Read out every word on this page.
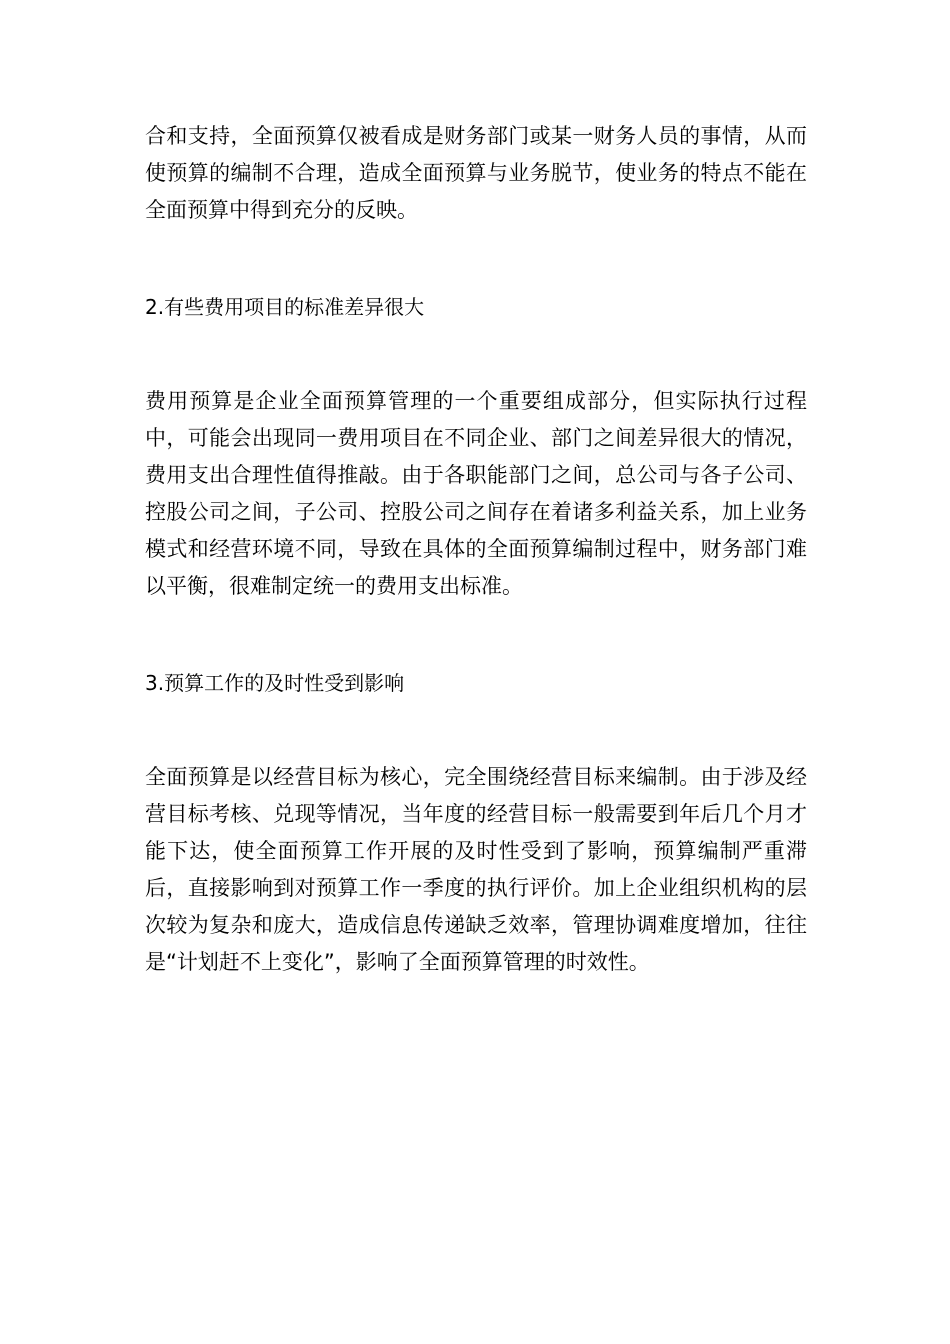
合和支持，全面预算仅被看成是财务部门或某一财务人员的事情，从而使预算的编制不合理，造成全面预算与业务脱节，使业务的特点不能在全面预算中得到充分的反映。

2.有些费用项目的标准差异很大

费用预算是企业全面预算管理的一个重要组成部分，但实际执行过程中，可能会出现同一费用项目在不同企业、部门之间差异很大的情况，费用支出合理性值得推敲。由于各职能部门之间，总公司与各子公司、控股公司之间，子公司、控股公司之间存在着诸多利益关系，加上业务模式和经营环境不同，导致在具体的全面预算编制过程中，财务部门难以平衡，很难制定统一的费用支出标准。

3.预算工作的及时性受到影响

全面预算是以经营目标为核心，完全围绕经营目标来编制。由于涉及经营目标考核、兑现等情况，当年度的经营目标一般需要到年后几个月才能下达，使全面预算工作开展的及时性受到了影响，预算编制严重滞后，直接影响到对预算工作一季度的执行评价。加上企业组织机构的层次较为复杂和庞大，造成信息传递缺乏效率，管理协调难度增加，往往是“计划赶不上变化”，影响了全面预算管理的时效性。
